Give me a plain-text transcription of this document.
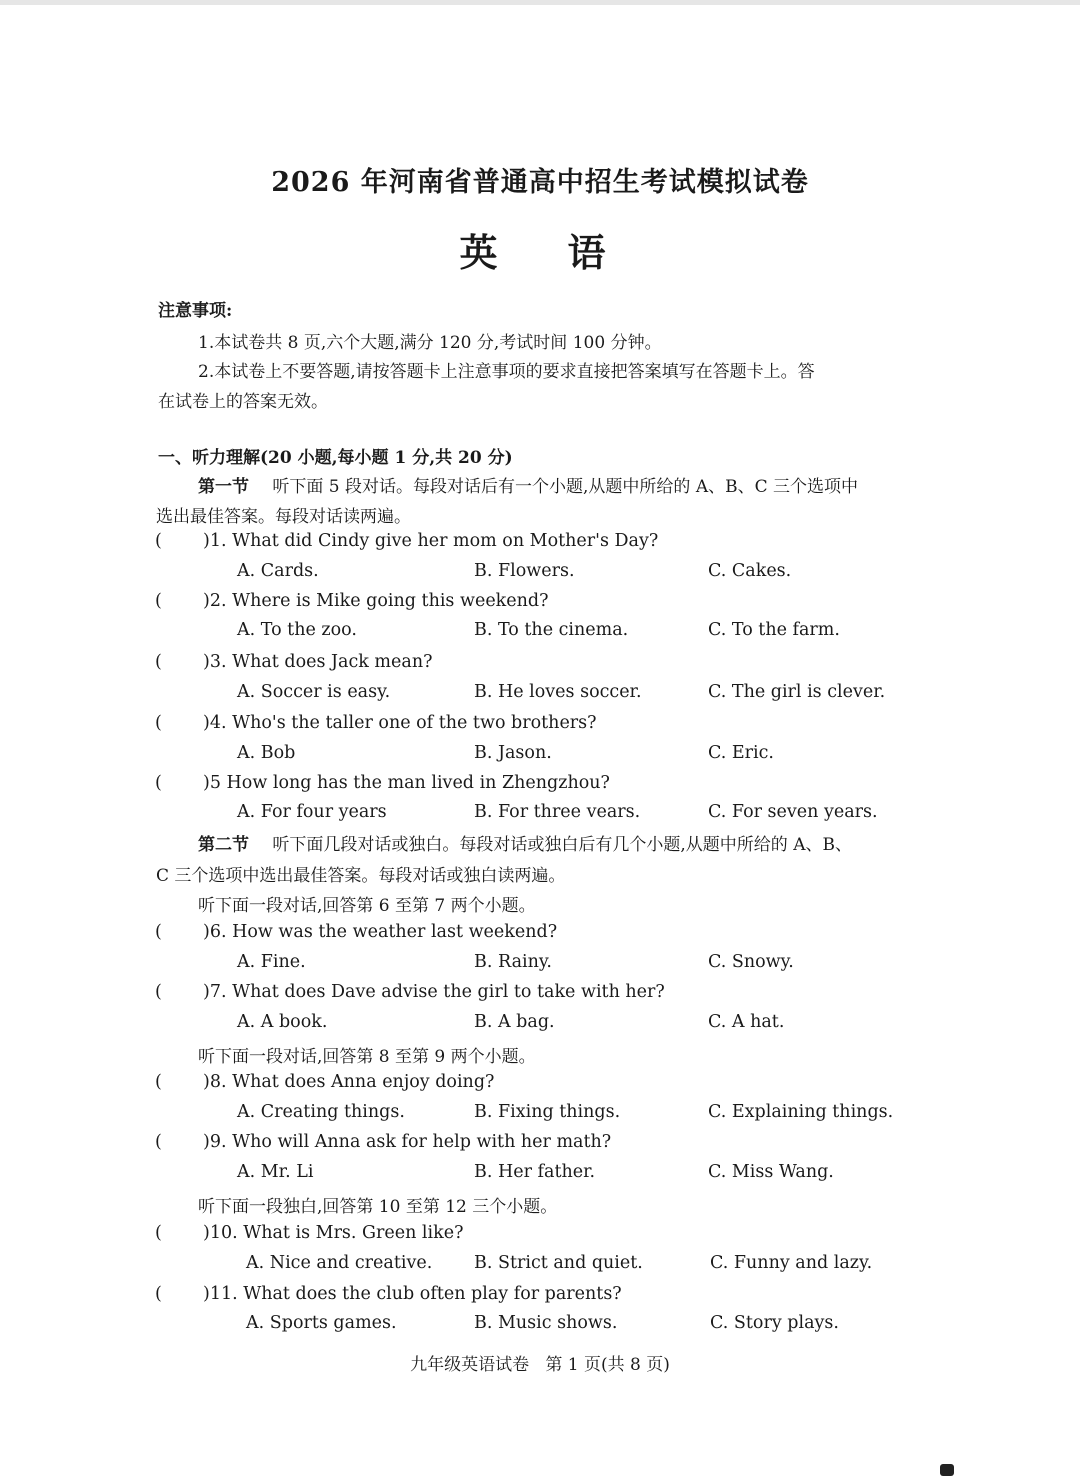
2026 年河南省普通高中招生考试模拟试卷
英语
注意事项:
1.本试卷共 8 页,六个大题,满分 120 分,考试时间 100 分钟。
2.本试卷上不要答题,请按答题卡上注意事项的要求直接把答案填写在答题卡上。答
在试卷上的答案无效。
一、听力理解(20 小题,每小题 1 分,共 20 分)
第一节 听下面 5 段对话。每段对话后有一个小题,从题中所给的 A、B、C 三个选项中
选出最佳答案。每段对话读两遍。
( )1. What did Cindy give her mom on Mother's Day?
A. Cards.	B. Flowers.	C. Cakes.
( )2. Where is Mike going this weekend?
A. To the zoo.	B. To the cinema.	C. To the farm.
( )3. What does Jack mean?
A. Soccer is easy.	B. He loves soccer.	C. The girl is clever.
( )4. Who's the taller one of the two brothers?
A. Bob	B. Jason.	C. Eric.
( )5 How long has the man lived in Zhengzhou?
A. For four years	B. For three vears.	C. For seven years.
( )6. How was the weather last weekend?
A. Fine.	B. Rainy.	C. Snowy.
( )7. What does Dave advise the girl to take with her?
A. A book.	B. A bag.	C. A hat.
( )8. What does Anna enjoy doing?
A. Creating things.	B. Fixing things.	C. Explaining things.
( )9. Who will Anna ask for help with her math?
A. Mr. Li	B. Her father.	C. Miss Wang.
( )10. What is Mrs. Green like?
A. Nice and creative. B. Strict and quiet.	C. Funny and lazy.
( )11. What does the club often play for parents?
A. Sports games.	B. Music shows.	C. Story plays.
第二节 听下面几段对话或独白。每段对话或独白后有几个小题,从题中所给的 A、B、
C 三个选项中选出最佳答案。每段对话或独白读两遍。
听下面一段对话,回答第 6 至第 7 两个小题。
听下面一段对话,回答第 8 至第 9 两个小题。
听下面一段独白,回答第 10 至第 12 三个小题。
九年级英语试卷   第 1 页(共 8 页)
